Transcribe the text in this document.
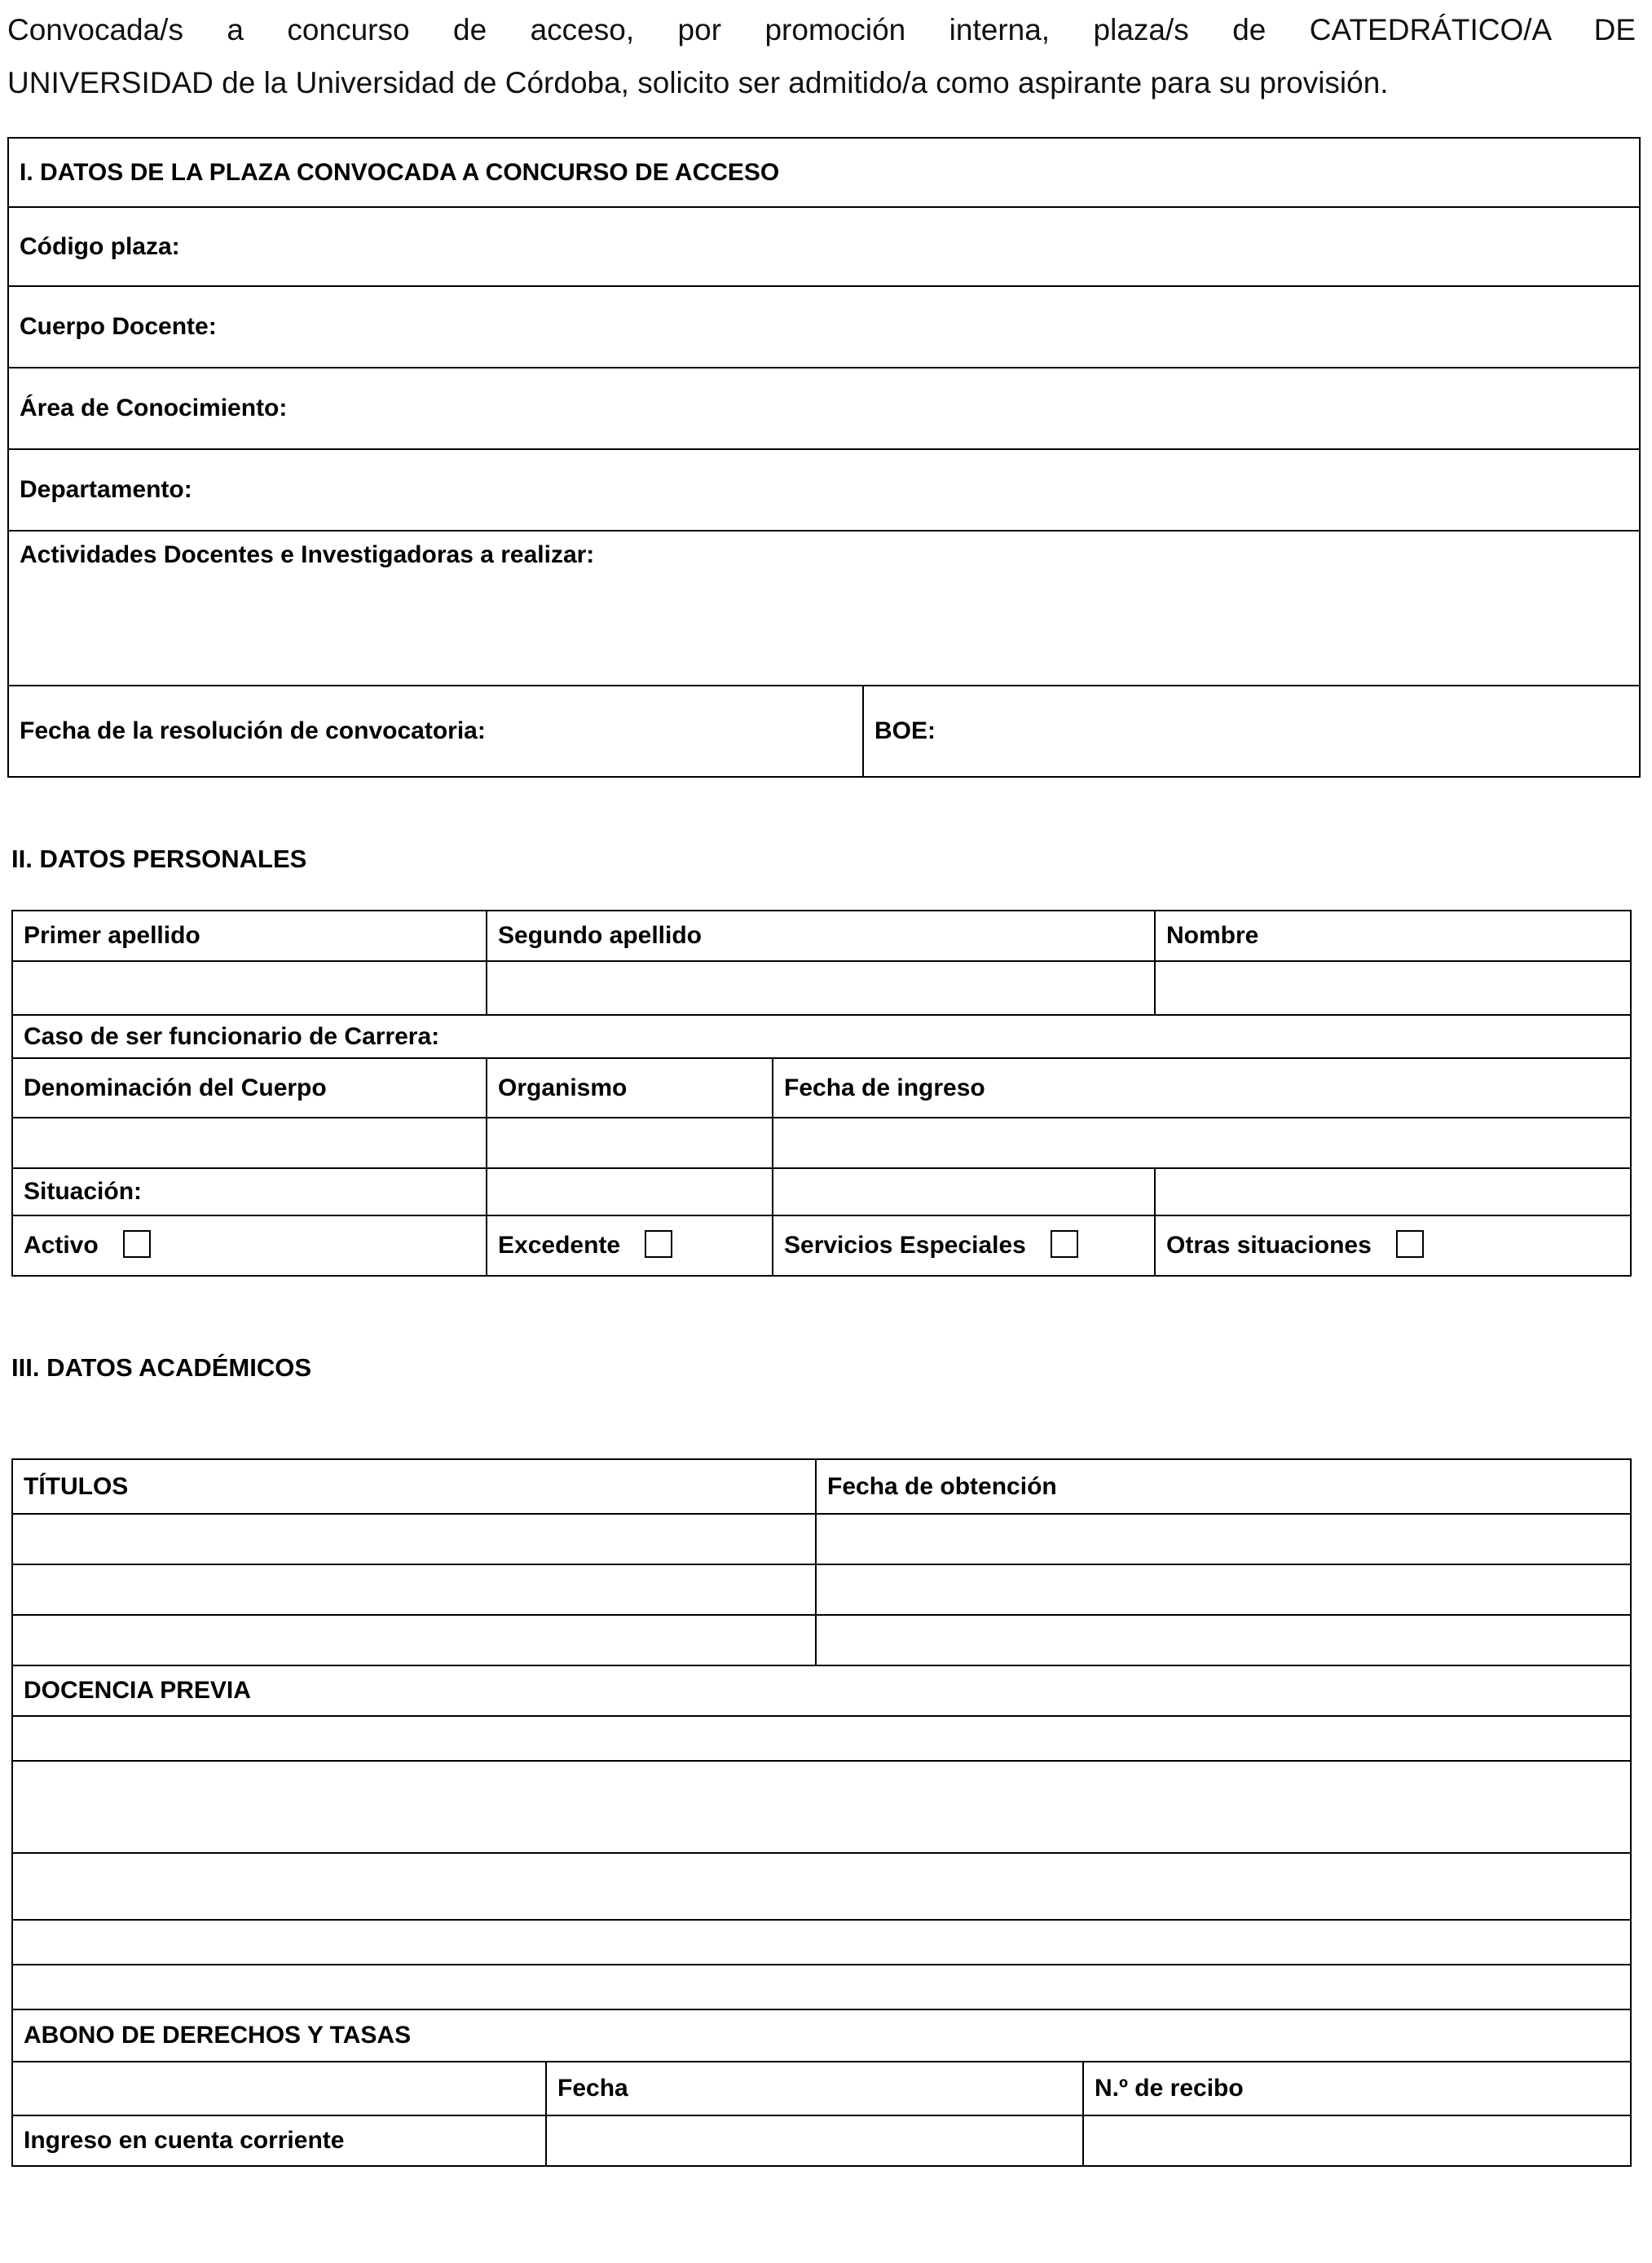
Convocada/s a concurso de acceso, por promoción interna, plaza/s de CATEDRÁTICO/A DE
UNIVERSIDAD de la Universidad de Córdoba, solicito ser admitido/a como aspirante para su provisión.

I. DATOS DE LA PLAZA CONVOCADA A CONCURSO DE ACCESO
Código plaza:
Cuerpo Docente:
Área de Conocimiento:
Departamento:
Actividades Docentes e Investigadoras a realizar:
Fecha de la resolución de convocatoria:	BOE:
II. DATOS PERSONALES
Primer apellido	Segundo apellido		Nombre

Caso de ser funcionario de Carrera:			
Denominación del Cuerpo	Organismo	Fecha de ingreso	

Situación:			
Activo	Excedente	Servicios Especiales	Otras situaciones
III. DATOS ACADÉMICOS
TÍTULOS		Fecha de obtención	

DOCENCIA PREVIA			

ABONO DE DERECHOS Y TASAS			
	Fecha		N.º de recibo
Ingreso en cuenta corriente			
